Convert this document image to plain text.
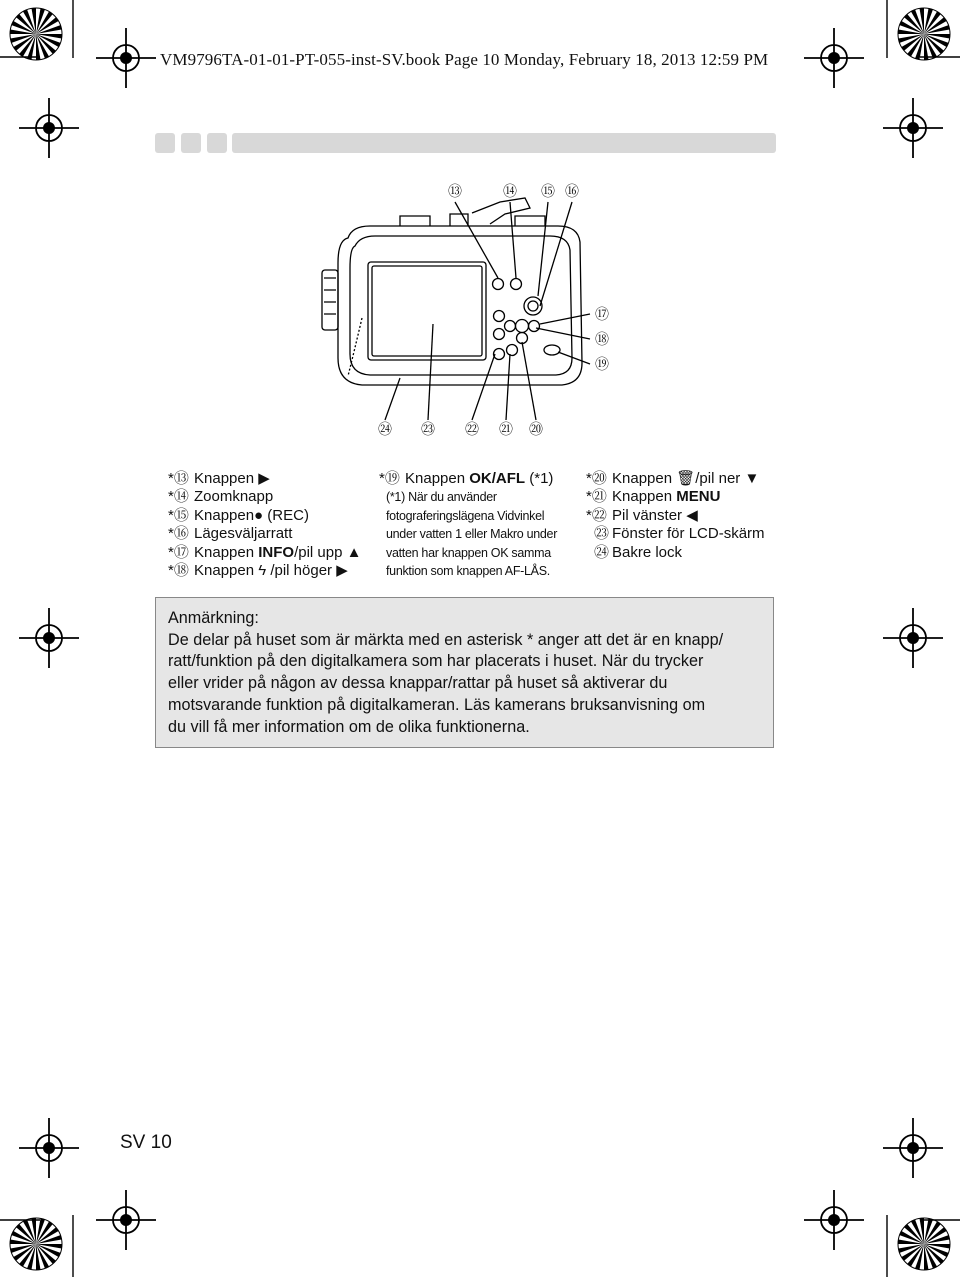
VM9796TA-01-01-PT-055-inst-SV.book Page 10 Monday, February 18, 2013 12:59 PM
⑬	⑭ ⑮ ⑯
⑰
⑱
⑲
㉔ ㉓ ㉒ ㉑ ⑳
*⑬ Knappen ▶
*⑭ Zoomknapp
*⑮ Knappen● (REC)
*⑯ Lägesväljarratt
*⑰ Knappen INFO/pil upp ▲
*⑱ Knappen ϟ /pil höger ▶
*⑲ Knappen OK/AFL (*1)
(*1) När du använder
fotograferingslägena Vidvinkel
under vatten 1 eller Makro under
vatten har knappen OK samma
funktion som knappen AF-LÅS.
*⑳ Knappen 🗑/pil ner ▼
*㉑ Knappen MENU
*㉒ Pil vänster ◀
㉓ Fönster för LCD-skärm
㉔ Bakre lock
Anmärkning:
De delar på huset som är märkta med en asterisk * anger att det är en knapp/
ratt/funktion på den digitalkamera som har placerats i huset. När du trycker
eller vrider på någon av dessa knappar/rattar på huset så aktiverar du
motsvarande funktion på digitalkameran. Läs kamerans bruksanvisning om
du vill få mer information om de olika funktionerna.
SV 10
